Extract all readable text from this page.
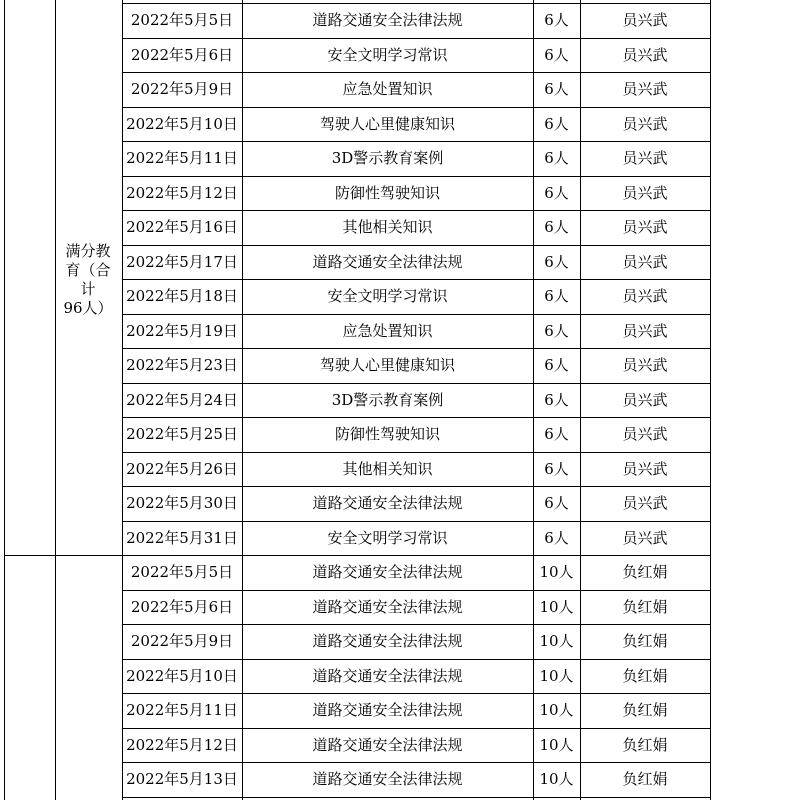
2022年5月5日	道路交通安全法律法规	6人	员兴武
2022年5月6日	安全文明学习常识	6人	员兴武
2022年5月9日	应急处置知识	6人	员兴武
2022年5月10日	驾驶人心里健康知识	6人	员兴武
2022年5月11日	3D警示教育案例	6人	员兴武
2022年5月12日	防御性驾驶知识	6人	员兴武
2022年5月16日	其他相关知识	6人	员兴武
2022年5月17日	道路交通安全法律法规	6人	员兴武
2022年5月18日	安全文明学习常识	6人	员兴武
2022年5月19日	应急处置知识	6人	员兴武
2022年5月23日	驾驶人心里健康知识	6人	员兴武
2022年5月24日	3D警示教育案例	6人	员兴武
2022年5月25日	防御性驾驶知识	6人	员兴武
2022年5月26日	其他相关知识	6人	员兴武
2022年5月30日	道路交通安全法律法规	6人	员兴武
2022年5月31日	安全文明学习常识	6人	员兴武
2022年5月5日	道路交通安全法律法规	10人	负红娟
2022年5月6日	道路交通安全法律法规	10人	负红娟
2022年5月9日	道路交通安全法律法规	10人	负红娟
2022年5月10日	道路交通安全法律法规	10人	负红娟
2022年5月11日	道路交通安全法律法规	10人	负红娟
2022年5月12日	道路交通安全法律法规	10人	负红娟
2022年5月13日	道路交通安全法律法规	10人	负红娟
满分教
育（合
计
96人）
